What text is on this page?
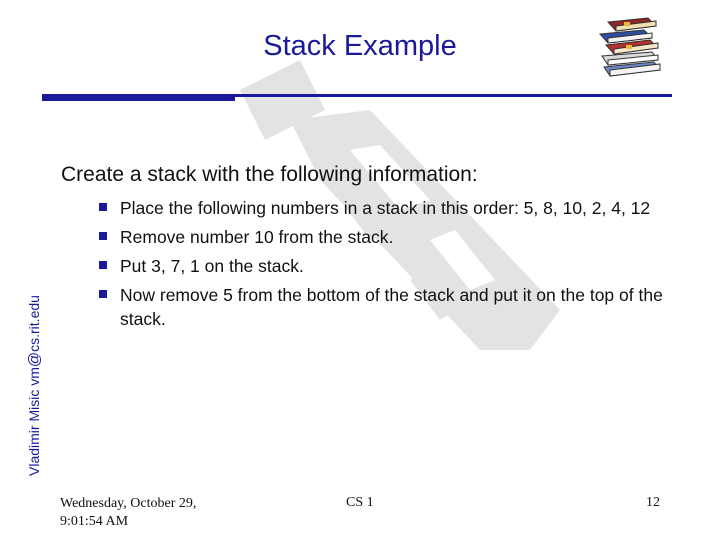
Stack Example
Vladimir Misic vm@cs.rit.edu
Create a stack with the following information:
Place the following numbers in a stack in this order: 5, 8, 10, 2, 4, 12
Remove number 10 from the stack.
Put 3, 7, 1 on the stack.
Now remove 5 from the bottom of the stack and put it on the top of the stack.
Wednesday, October 29, 9:01:54 AM
CS 1	12
